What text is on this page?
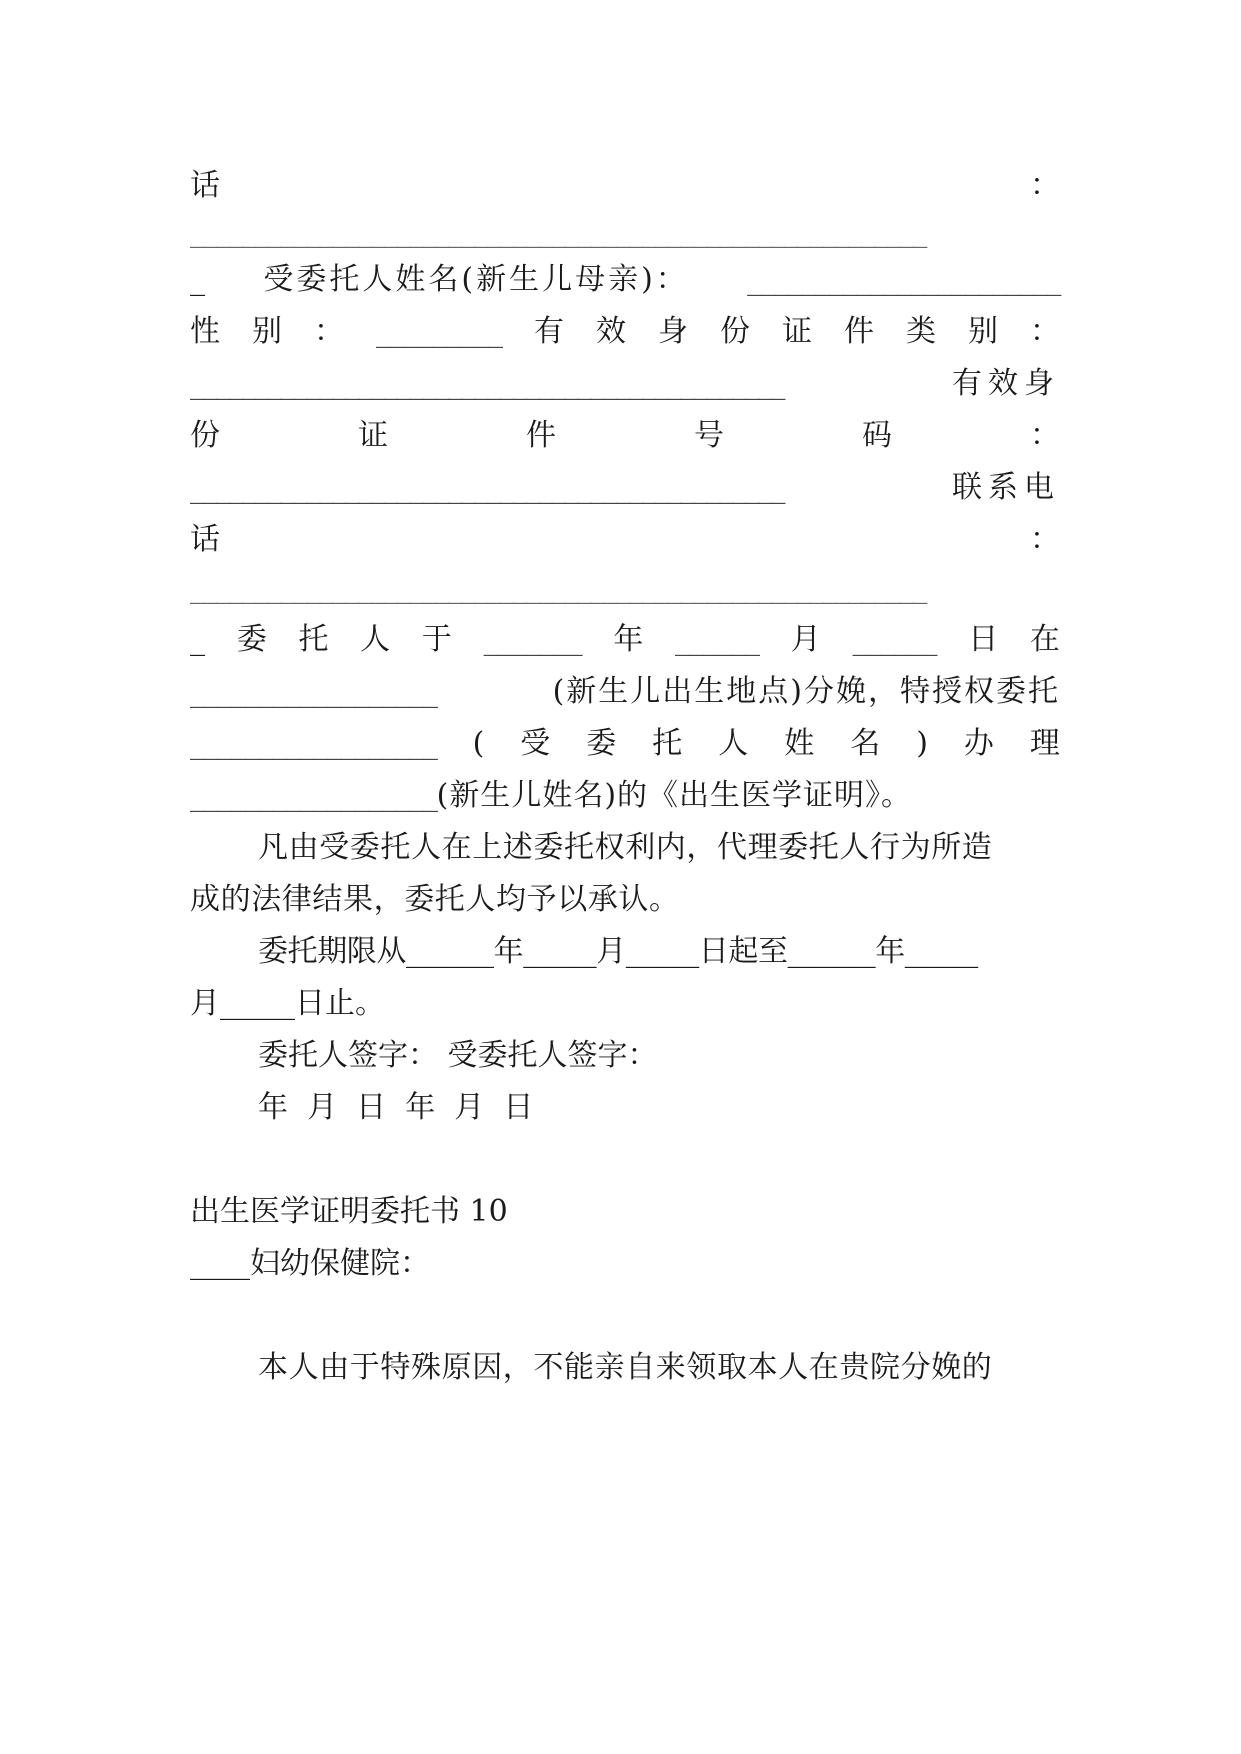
话	：
_________________________________________________________
_ 受委托人姓名(新生儿母亲)： _______________________
性 别 ： _________ 有 效 身 份 证 件 类 别 ：
______________________________________________	有效身
份	证	件	号	码	：
______________________________________________	联系电
话	：
_________________________________________________________
_ 委 托 人 于 _______ 年 ______ 月 ______ 日 在
__________________	(新生儿出生地点)分娩，特授权委托
__________________ ( 受 委 托 人 姓 名 ) 办 理
__________________(新生儿姓名)的《出生医学证明》。
凡由受委托人在上述委托权利内，代理委托人行为所造
成的法律结果，委托人均予以承认。
委托期限从______年_____月_____日起至______年_____
月_____日止。
委托人签字： 受委托人签字：
年  月  日  年  月  日
出生医学证明委托书 10
____妇幼保健院：
本人由于特殊原因，不能亲自来领取本人在贵院分娩的
